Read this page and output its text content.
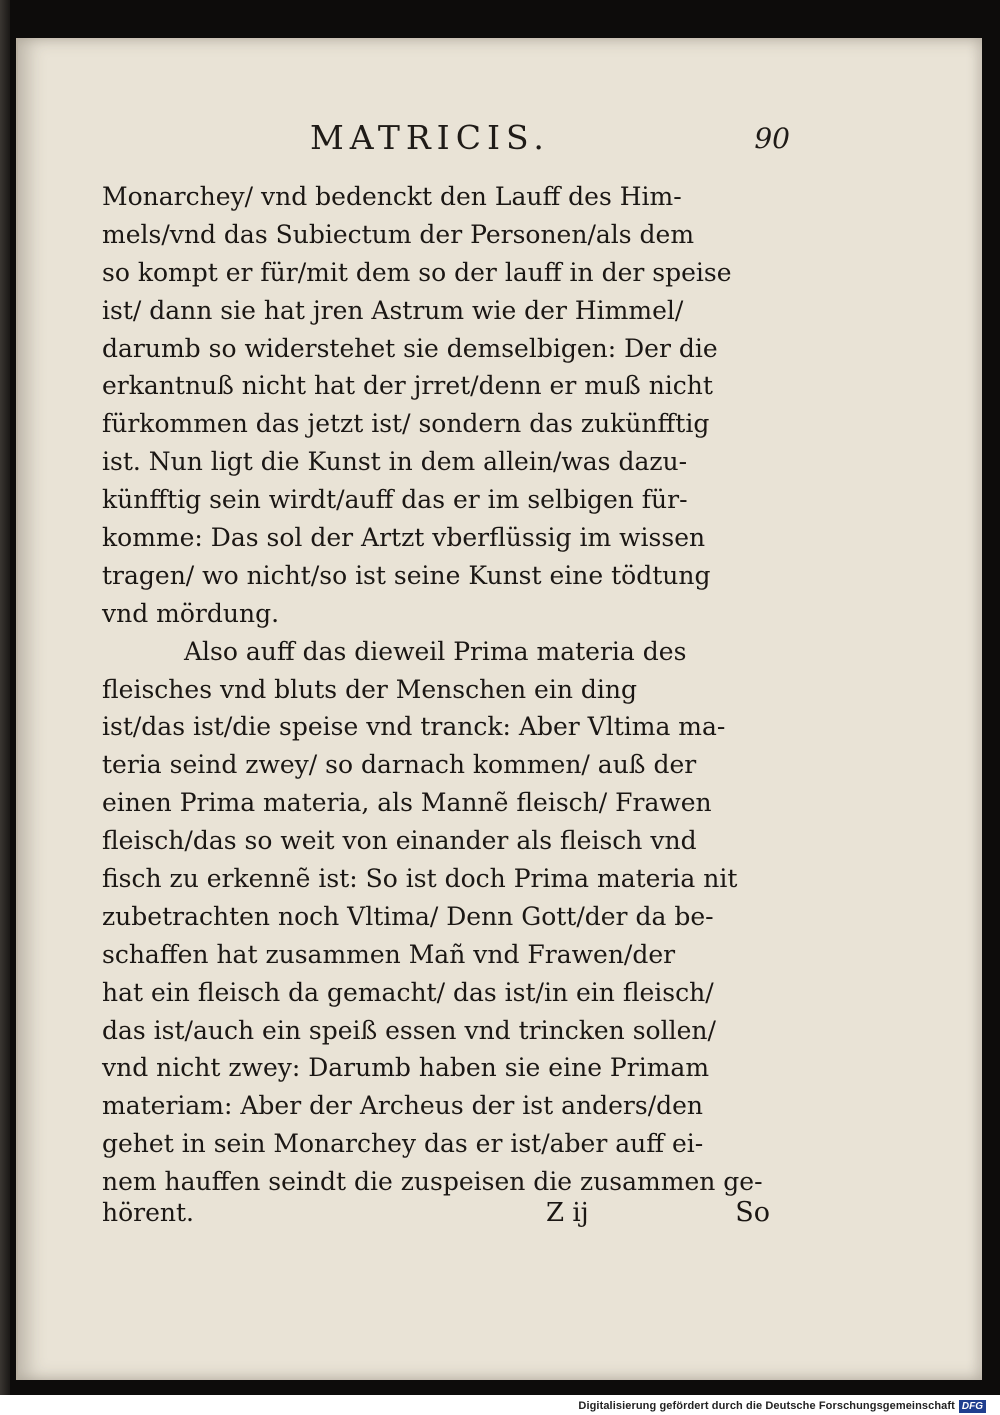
MATRICIS.	90
Monarchey/ vnd bedenckt den Lauff des Him-
mels/vnd das Subiectum der Personen/als dem
so kompt er für/mit dem so der lauff in der speise
ist/ dann sie hat jren Astrum wie der Himmel/
darumb so widerstehet sie demselbigen: Der die
erkantnuß nicht hat der jrret/denn er muß nicht
fürkommen das jetzt ist/ sondern das zukünfftig
ist. Nun ligt die Kunst in dem allein/was dazu-
künfftig sein wirdt/auff das er im selbigen für-
komme: Das sol der Artzt vberflüssig im wissen
tragen/ wo nicht/so ist seine Kunst eine tödtung
vnd mördung.
Also auff das dieweil Prima materia des
fleisches vnd bluts der Menschen ein ding
ist/das ist/die speise vnd tranck: Aber Vltima ma-
teria seind zwey/ so darnach kommen/ auß der
einen Prima materia, als Mannẽ fleisch/ Frawen
fleisch/das so weit von einander als fleisch vnd
fisch zu erkennẽ ist: So ist doch Prima materia nit
zubetrachten noch Vltima/ Denn Gott/der da be-
schaffen hat zusammen Mañ vnd Frawen/der
hat ein fleisch da gemacht/ das ist/in ein fleisch/
das ist/auch ein speiß essen vnd trincken sollen/
vnd nicht zwey: Darumb haben sie eine Primam
materiam: Aber der Archeus der ist anders/den
gehet in sein Monarchey das er ist/aber auff ei-
nem hauffen seindt die zuspeisen die zusammen ge-
hörent.	Z ij	So
Digitalisierung gefördert durch die Deutsche Forschungsgemeinschaft DFG
